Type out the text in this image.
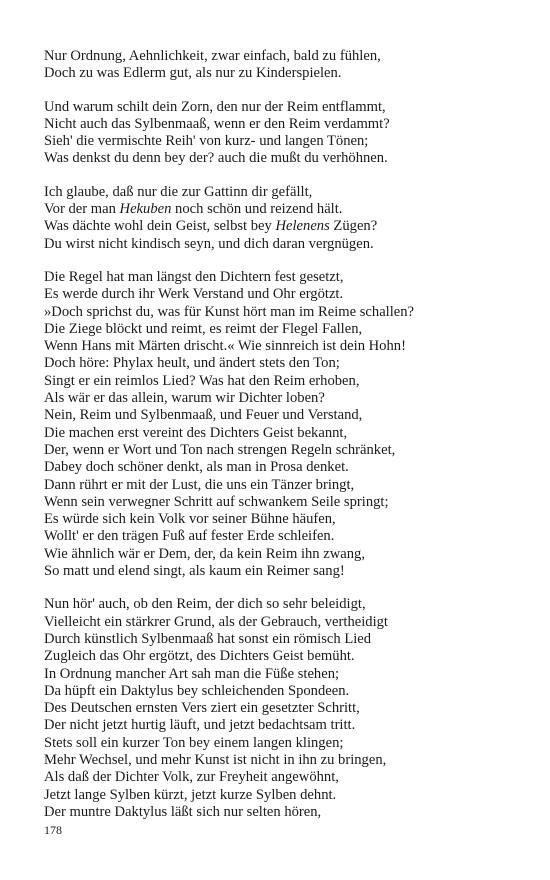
Nur Ordnung, Aehnlichkeit, zwar einfach, bald zu fühlen,
Doch zu was Edlerm gut, als nur zu Kinderspielen.
Und warum schilt dein Zorn, den nur der Reim entflammt,
Nicht auch das Sylbenmaaß, wenn er den Reim verdammt?
Sieh' die vermischte Reih' von kurz- und langen Tönen;
Was denkst du denn bey der? auch die mußt du verhöhnen.
Ich glaube, daß nur die zur Gattinn dir gefällt,
Vor der man Hekuben noch schön und reizend hält.
Was dächte wohl dein Geist, selbst bey Helenens Zügen?
Du wirst nicht kindisch seyn, und dich daran vergnügen.
Die Regel hat man längst den Dichtern fest gesetzt,
Es werde durch ihr Werk Verstand und Ohr ergötzt.
»Doch sprichst du, was für Kunst hört man im Reime schallen?
Die Ziege blöckt und reimt, es reimt der Flegel Fallen,
Wenn Hans mit Märten drischt.« Wie sinnreich ist dein Hohn!
Doch höre: Phylax heult, und ändert stets den Ton;
Singt er ein reimlos Lied? Was hat den Reim erhoben,
Als wär er das allein, warum wir Dichter loben?
Nein, Reim und Sylbenmaaß, und Feuer und Verstand,
Die machen erst vereint des Dichters Geist bekannt,
Der, wenn er Wort und Ton nach strengen Regeln schränket,
Dabey doch schöner denkt, als man in Prosa denket.
Dann rührt er mit der Lust, die uns ein Tänzer bringt,
Wenn sein verwegner Schritt auf schwankem Seile springt;
Es würde sich kein Volk vor seiner Bühne häufen,
Wollt' er den trägen Fuß auf fester Erde schleifen.
Wie ähnlich wär er Dem, der, da kein Reim ihn zwang,
So matt und elend singt, als kaum ein Reimer sang!
Nun hör' auch, ob den Reim, der dich so sehr beleidigt,
Vielleicht ein stärkrer Grund, als der Gebrauch, vertheidigt
Durch künstlich Sylbenmaaß hat sonst ein römisch Lied
Zugleich das Ohr ergötzt, des Dichters Geist bemüht.
In Ordnung mancher Art sah man die Füße stehen;
Da hüpft ein Daktylus bey schleichenden Spondeen.
Des Deutschen ernsten Vers ziert ein gesetzter Schritt,
Der nicht jetzt hurtig läuft, und jetzt bedachtsam tritt.
Stets soll ein kurzer Ton bey einem langen klingen;
Mehr Wechsel, und mehr Kunst ist nicht in ihn zu bringen,
Als daß der Dichter Volk, zur Freyheit angewöhnt,
Jetzt lange Sylben kürzt, jetzt kurze Sylben dehnt.
Der muntre Daktylus läßt sich nur selten hören,
178
